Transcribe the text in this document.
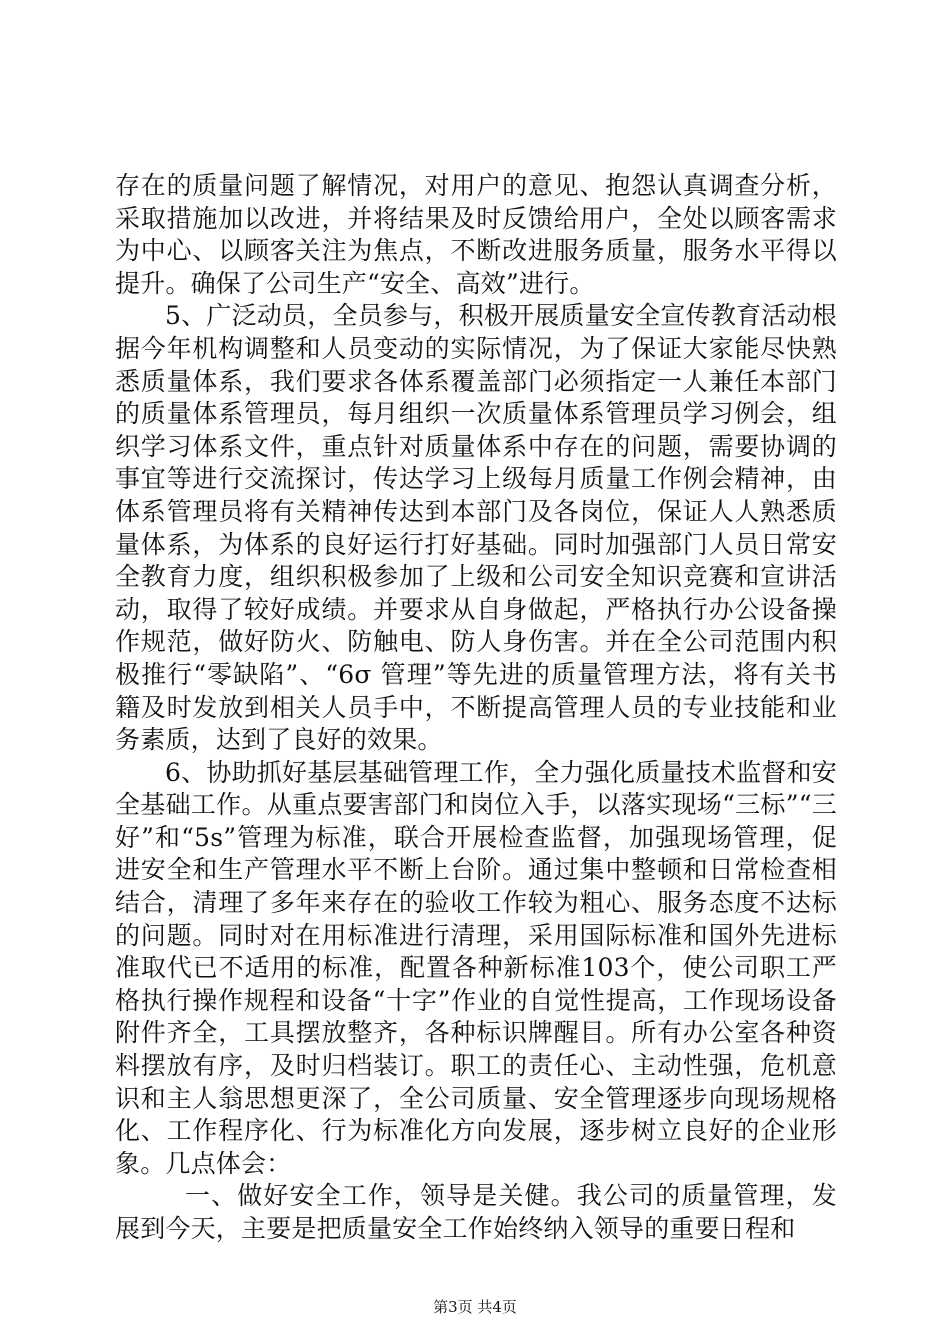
存在的质量问题了解情况，对用户的意见、抱怨认真调查分析，采取措施加以改进，并将结果及时反馈给用户，全处以顾客需求为中心、以顾客关注为焦点，不断改进服务质量，服务水平得以提升。确保了公司生产“安全、高效”进行。

5、广泛动员，全员参与，积极开展质量安全宣传教育活动根据今年机构调整和人员变动的实际情况，为了保证大家能尽快熟悉质量体系，我们要求各体系覆盖部门必须指定一人兼任本部门的质量体系管理员，每月组织一次质量体系管理员学习例会，组织学习体系文件，重点针对质量体系中存在的问题，需要协调的事宜等进行交流探讨，传达学习上级每月质量工作例会精神，由体系管理员将有关精神传达到本部门及各岗位，保证人人熟悉质量体系，为体系的良好运行打好基础。同时加强部门人员日常安全教育力度，组织积极参加了上级和公司安全知识竞赛和宣讲活动，取得了较好成绩。并要求从自身做起，严格执行办公设备操作规范，做好防火、防触电、防人身伤害。并在全公司范围内积极推行“零缺陷”、“6σ 管理”等先进的质量管理方法，将有关书籍及时发放到相关人员手中，不断提高管理人员的专业技能和业务素质，达到了良好的效果。

6、协助抓好基层基础管理工作，全力强化质量技术监督和安全基础工作。从重点要害部门和岗位入手，以落实现场“三标”“三好”和“5s”管理为标准，联合开展检查监督，加强现场管理，促进安全和生产管理水平不断上台阶。通过集中整顿和日常检查相结合，清理了多年来存在的验收工作较为粗心、服务态度不达标的问题。同时对在用标准进行清理，采用国际标准和国外先进标准取代已不适用的标准，配置各种新标准103个，使公司职工严格执行操作规程和设备“十字”作业的自觉性提高，工作现场设备附件齐全，工具摆放整齐，各种标识牌醒目。所有办公室各种资料摆放有序，及时归档装订。职工的责任心、主动性强，危机意识和主人翁思想更深了，全公司质量、安全管理逐步向现场规格化、工作程序化、行为标准化方向发展，逐步树立良好的企业形象。几点体会：

一、做好安全工作，领导是关健。我公司的质量管理，发展到今天，主要是把质量安全工作始终纳入领导的重要日程和

第3页 共4页
